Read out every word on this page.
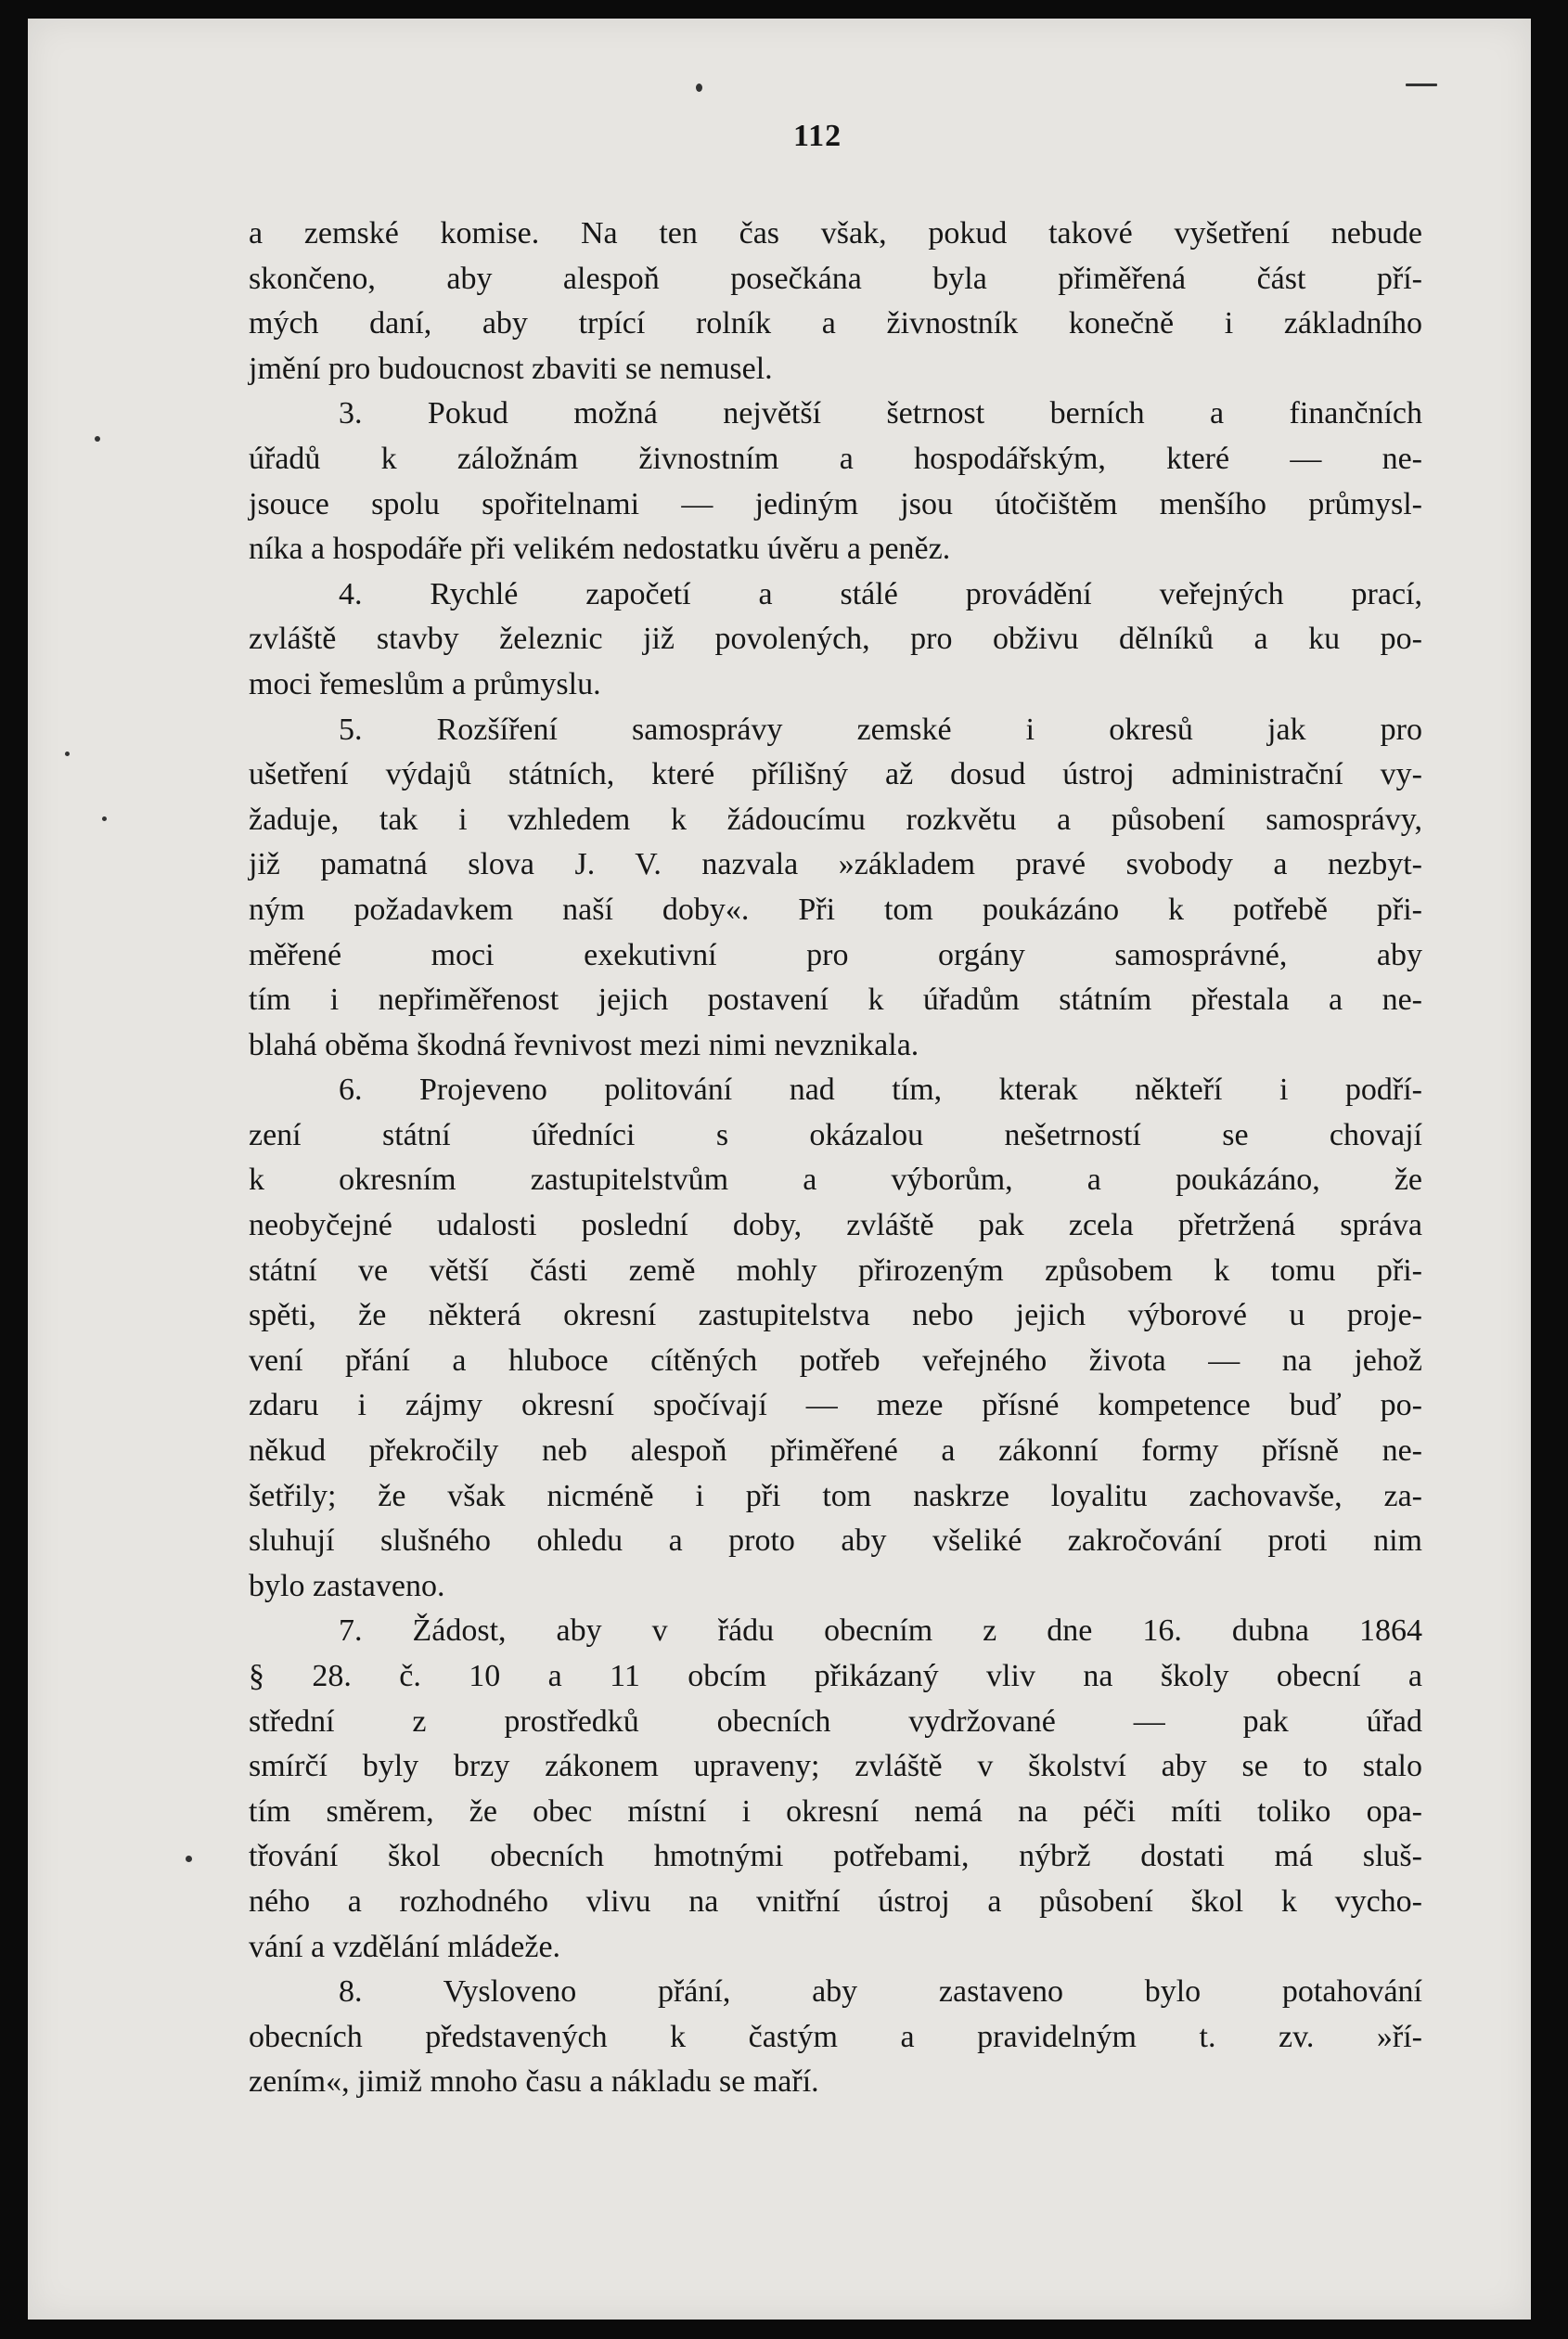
112
a zemské komise. Na ten čas však, pokud takové vyšetření nebude
skončeno, aby alespoň posečkána byla přiměřená část pří-
mých daní, aby trpící rolník a živnostník konečně i základního
jmění pro budoucnost zbaviti se nemusel.
3. Pokud možná největší šetrnost berních a finančních
úřadů k záložnám živnostním a hospodářským, které — ne-
jsouce spolu spořitelnami — jediným jsou útočištěm menšího průmysl-
níka a hospodáře při velikém nedostatku úvěru a peněz.
4. Rychlé započetí a stálé provádění veřejných prací,
zvláště stavby železnic již povolených, pro obživu dělníků a ku po-
moci řemeslům a průmyslu.
5. Rozšíření samosprávy zemské i okresů jak pro
ušetření výdajů státních, které přílišný až dosud ústroj administrační vy-
žaduje, tak i vzhledem k žádoucímu rozkvětu a působení samosprávy,
již pamatná slova J. V. nazvala »základem pravé svobody a nezbyt-
ným požadavkem naší doby«. Při tom poukázáno k potřebě při-
měřené moci exekutivní pro orgány samosprávné, aby
tím i nepřiměřenost jejich postavení k úřadům státním přestala a ne-
blahá oběma škodná řevnivost mezi nimi nevznikala.
6. Projeveno politování nad tím, kterak někteří i podří-
zení státní úředníci s okázalou nešetrností se chovají
k okresním zastupitelstvům a výborům, a poukázáno, že
neobyčejné udalosti poslední doby, zvláště pak zcela přetržená správa
státní ve větší části země mohly přirozeným způsobem k tomu při-
spěti, že některá okresní zastupitelstva nebo jejich výborové u proje-
vení přání a hluboce cítěných potřeb veřejného života — na jehož
zdaru i zájmy okresní spočívají — meze přísné kompetence buď po-
někud překročily neb alespoň přiměřené a zákonní formy přísně ne-
šetřily; že však nicméně i při tom naskrze loyalitu zachovavše, za-
sluhují slušného ohledu a proto aby všeliké zakročování proti nim
bylo zastaveno.
7. Žádost, aby v řádu obecním z dne 16. dubna 1864
§ 28. č. 10 a 11 obcím přikázaný vliv na školy obecní a
střední z prostředků obecních vydržované — pak úřad
smírčí byly brzy zákonem upraveny; zvláště v školství aby se to stalo
tím směrem, že obec místní i okresní nemá na péči míti toliko opa-
třování škol obecních hmotnými potřebami, nýbrž dostati má sluš-
ného a rozhodného vlivu na vnitřní ústroj a působení škol k vycho-
vání a vzdělání mládeže.
8. Vysloveno přání, aby zastaveno bylo potahování
obecních představených k častým a pravidelným t. zv. »ří-
zením«, jimiž mnoho času a nákladu se maří.
